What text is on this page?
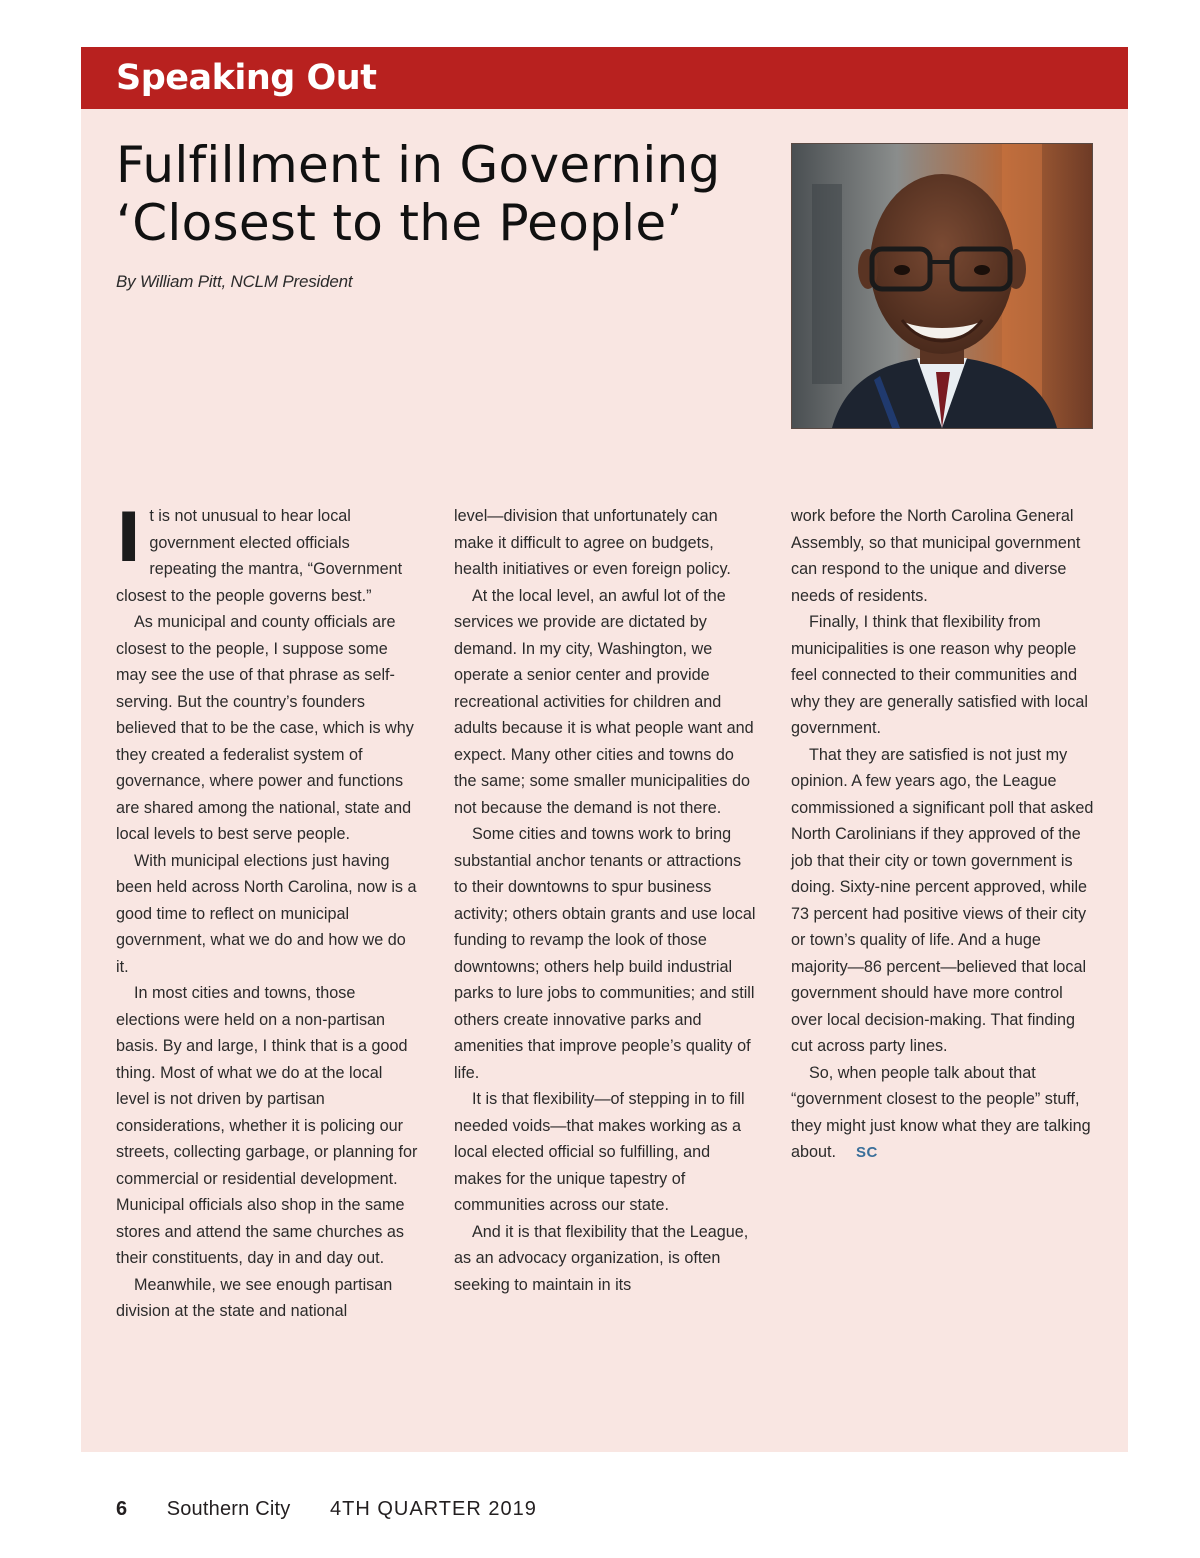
Speaking Out
Fulfillment in Governing
‘Closest to the People’
By William Pitt, NCLM President

It is not unusual to hear local government elected officials repeating the mantra, “Government closest to the people governs best.”

As municipal and county officials are closest to the people, I suppose some may see the use of that phrase as self-serving. But the country’s founders believed that to be the case, which is why they created a federalist system of governance, where power and functions are shared among the national, state and local levels to best serve people.

With municipal elections just having been held across North Carolina, now is a good time to reflect on municipal government, what we do and how we do it.

In most cities and towns, those elections were held on a non-partisan basis. By and large, I think that is a good thing. Most of what we do at the local level is not driven by partisan considerations, whether it is policing our streets, collecting garbage, or planning for commercial or residential development. Municipal officials also shop in the same stores and attend the same churches as their constituents, day in and day out.

Meanwhile, we see enough partisan division at the state and national

level—division that unfortunately can make it difficult to agree on budgets, health initiatives or even foreign policy.

At the local level, an awful lot of the services we provide are dictated by demand. In my city, Washington, we operate a senior center and provide recreational activities for children and adults because it is what people want and expect. Many other cities and towns do the same; some smaller municipalities do not because the demand is not there.

Some cities and towns work to bring substantial anchor tenants or attractions to their downtowns to spur business activity; others obtain grants and use local funding to revamp the look of those downtowns; others help build industrial parks to lure jobs to communities; and still others create innovative parks and amenities that improve people’s quality of life.

It is that flexibility—of stepping in to fill needed voids—that makes working as a local elected official so fulfilling, and makes for the unique tapestry of communities across our state.

And it is that flexibility that the League, as an advocacy organization, is often seeking to maintain in its

work before the North Carolina General Assembly, so that municipal government can respond to the unique and diverse needs of residents.

Finally, I think that flexibility from municipalities is one reason why people feel connected to their communities and why they are generally satisfied with local government.

That they are satisfied is not just my opinion. A few years ago, the League commissioned a significant poll that asked North Carolinians if they approved of the job that their city or town government is doing. Sixty-nine percent approved, while 73 percent had positive views of their city or town’s quality of life. And a huge majority—86 percent—believed that local government should have more control over local decision-making. That finding cut across party lines.

So, when people talk about that “government closest to the people” stuff, they might just know what they are talking about. SC

6 Southern City 4TH QUARTER 2019
